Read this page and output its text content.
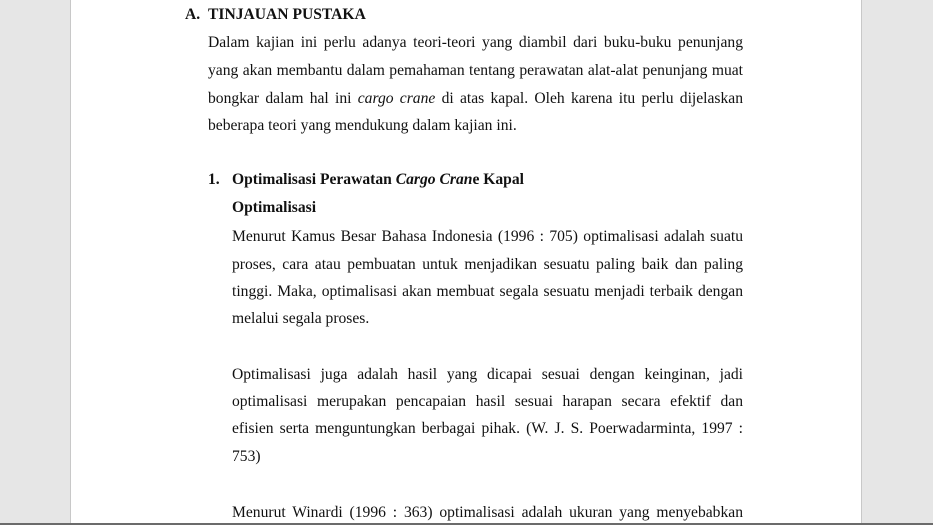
A. TINJAUAN PUSTAKA
Dalam kajian ini perlu adanya teori-teori yang diambil dari buku-buku penunjang
yang akan membantu dalam pemahaman tentang perawatan alat-alat penunjang muat
bongkar dalam hal ini cargo crane di atas kapal. Oleh karena itu perlu dijelaskan
beberapa teori yang mendukung dalam kajian ini.
1. Optimalisasi Perawatan Cargo Crane Kapal
Optimalisasi
Menurut Kamus Besar Bahasa Indonesia (1996 : 705) optimalisasi adalah suatu
proses, cara atau pembuatan untuk menjadikan sesuatu paling baik dan paling
tinggi. Maka, optimalisasi akan membuat segala sesuatu menjadi terbaik dengan
melalui segala proses.
Optimalisasi juga adalah hasil yang dicapai sesuai dengan keinginan, jadi
optimalisasi merupakan pencapaian hasil sesuai harapan secara efektif dan
efisien serta menguntungkan berbagai pihak. (W. J. S. Poerwadarminta, 1997 :
753)
Menurut Winardi (1996 : 363) optimalisasi adalah ukuran yang menyebabkan
